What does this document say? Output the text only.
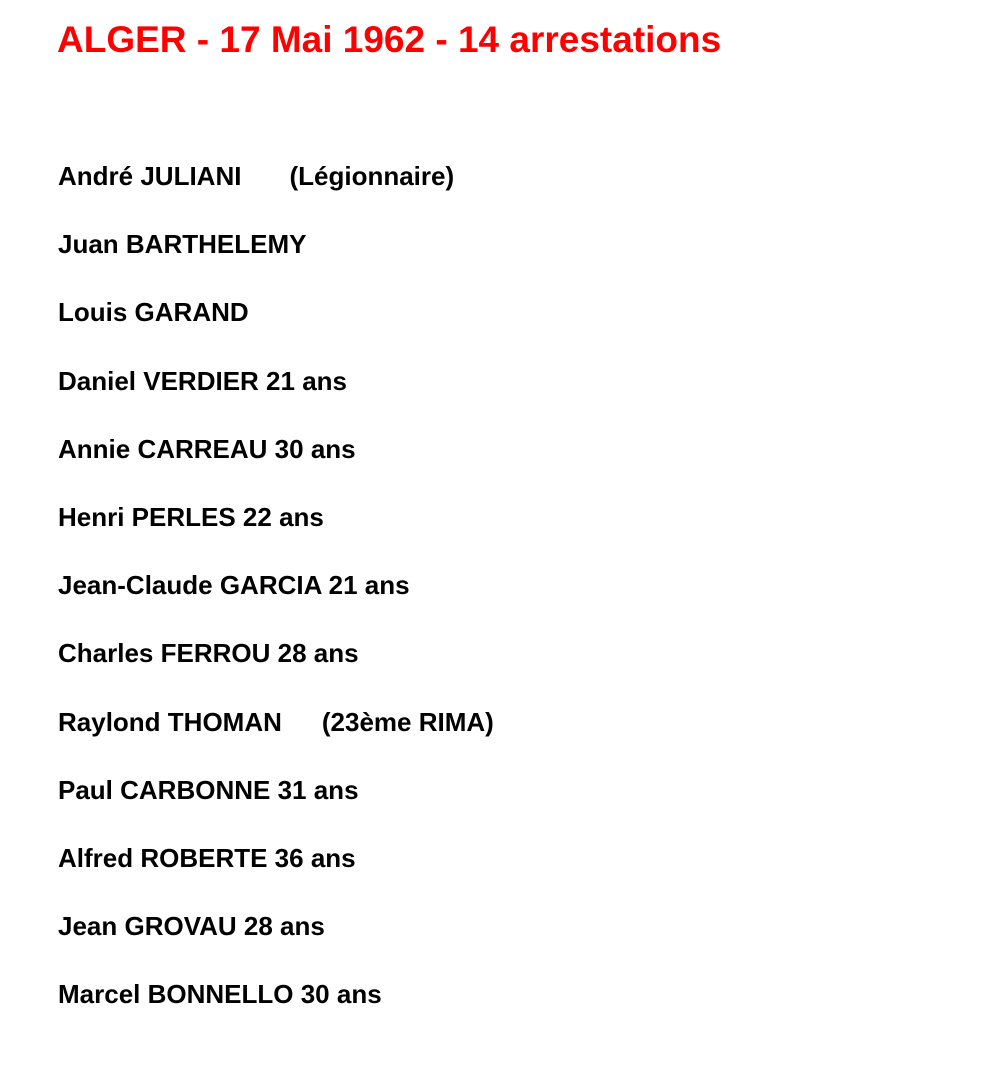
ALGER - 17 Mai 1962 - 14 arrestations
André JULIANI (Légionnaire)
Juan BARTHELEMY
Louis GARAND
Daniel VERDIER 21 ans
Annie CARREAU 30 ans
Henri PERLES 22 ans
Jean-Claude GARCIA 21 ans
Charles FERROU 28 ans
Raylond THOMAN (23ème RIMA)
Paul CARBONNE 31 ans
Alfred ROBERTE 36 ans
Jean GROVAU 28 ans
Marcel BONNELLO 30 ans
